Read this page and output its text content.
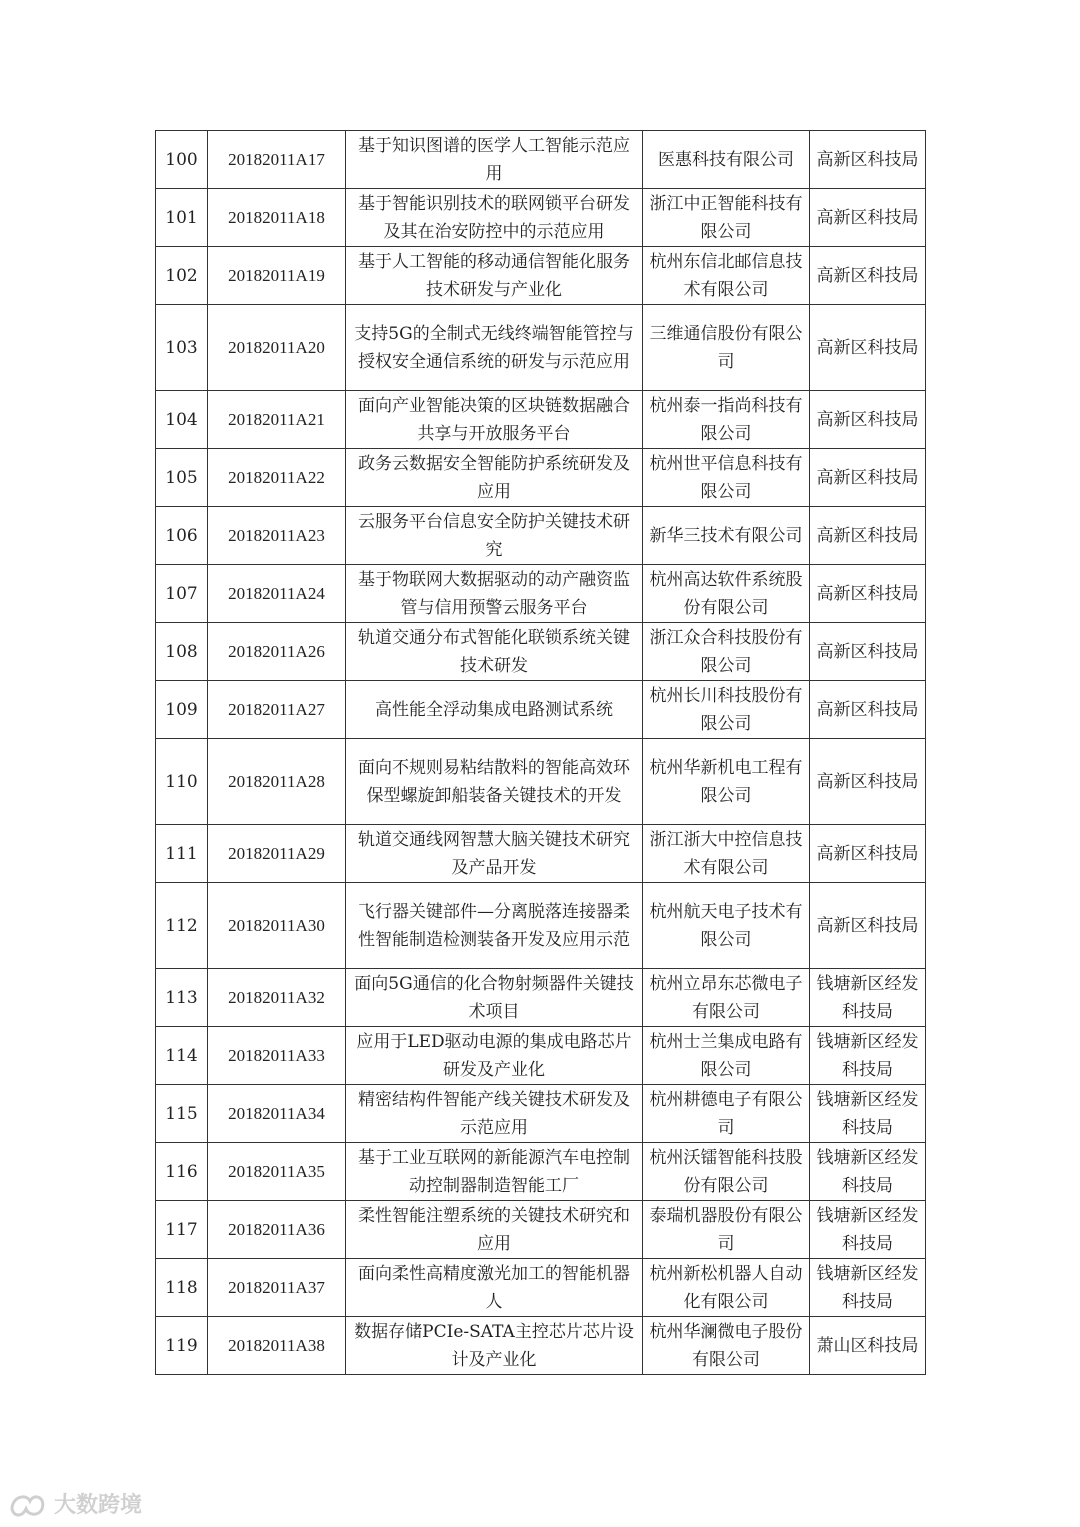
100	20182011A17	基于知识图谱的医学人工智能示范应用	医惠科技有限公司	高新区科技局
101	20182011A18	基于智能识别技术的联网锁平台研发及其在治安防控中的示范应用	浙江中正智能科技有限公司	高新区科技局
102	20182011A19	基于人工智能的移动通信智能化服务技术研发与产业化	杭州东信北邮信息技术有限公司	高新区科技局
103	20182011A20	支持5G的全制式无线终端智能管控与授权安全通信系统的研发与示范应用	三维通信股份有限公司	高新区科技局
104	20182011A21	面向产业智能决策的区块链数据融合共享与开放服务平台	杭州泰一指尚科技有限公司	高新区科技局
105	20182011A22	政务云数据安全智能防护系统研发及应用	杭州世平信息科技有限公司	高新区科技局
106	20182011A23	云服务平台信息安全防护关键技术研究	新华三技术有限公司	高新区科技局
107	20182011A24	基于物联网大数据驱动的动产融资监管与信用预警云服务平台	杭州高达软件系统股份有限公司	高新区科技局
108	20182011A26	轨道交通分布式智能化联锁系统关键技术研发	浙江众合科技股份有限公司	高新区科技局
109	20182011A27	高性能全浮动集成电路测试系统	杭州长川科技股份有限公司	高新区科技局
110	20182011A28	面向不规则易粘结散料的智能高效环保型螺旋卸船装备关键技术的开发	杭州华新机电工程有限公司	高新区科技局
111	20182011A29	轨道交通线网智慧大脑关键技术研究及产品开发	浙江浙大中控信息技术有限公司	高新区科技局
112	20182011A30	飞行器关键部件—分离脱落连接器柔性智能制造检测装备开发及应用示范	杭州航天电子技术有限公司	高新区科技局
113	20182011A32	面向5G通信的化合物射频器件关键技术项目	杭州立昂东芯微电子有限公司	钱塘新区经发科技局
114	20182011A33	应用于LED驱动电源的集成电路芯片研发及产业化	杭州士兰集成电路有限公司	钱塘新区经发科技局
115	20182011A34	精密结构件智能产线关键技术研发及示范应用	杭州耕德电子有限公司	钱塘新区经发科技局
116	20182011A35	基于工业互联网的新能源汽车电控制动控制器制造智能工厂	杭州沃镭智能科技股份有限公司	钱塘新区经发科技局
117	20182011A36	柔性智能注塑系统的关键技术研究和应用	泰瑞机器股份有限公司	钱塘新区经发科技局
118	20182011A37	面向柔性高精度激光加工的智能机器人	杭州新松机器人自动化有限公司	钱塘新区经发科技局
119	20182011A38	数据存储PCIe-SATA主控芯片芯片设计及产业化	杭州华澜微电子股份有限公司	萧山区科技局
大数跨境
